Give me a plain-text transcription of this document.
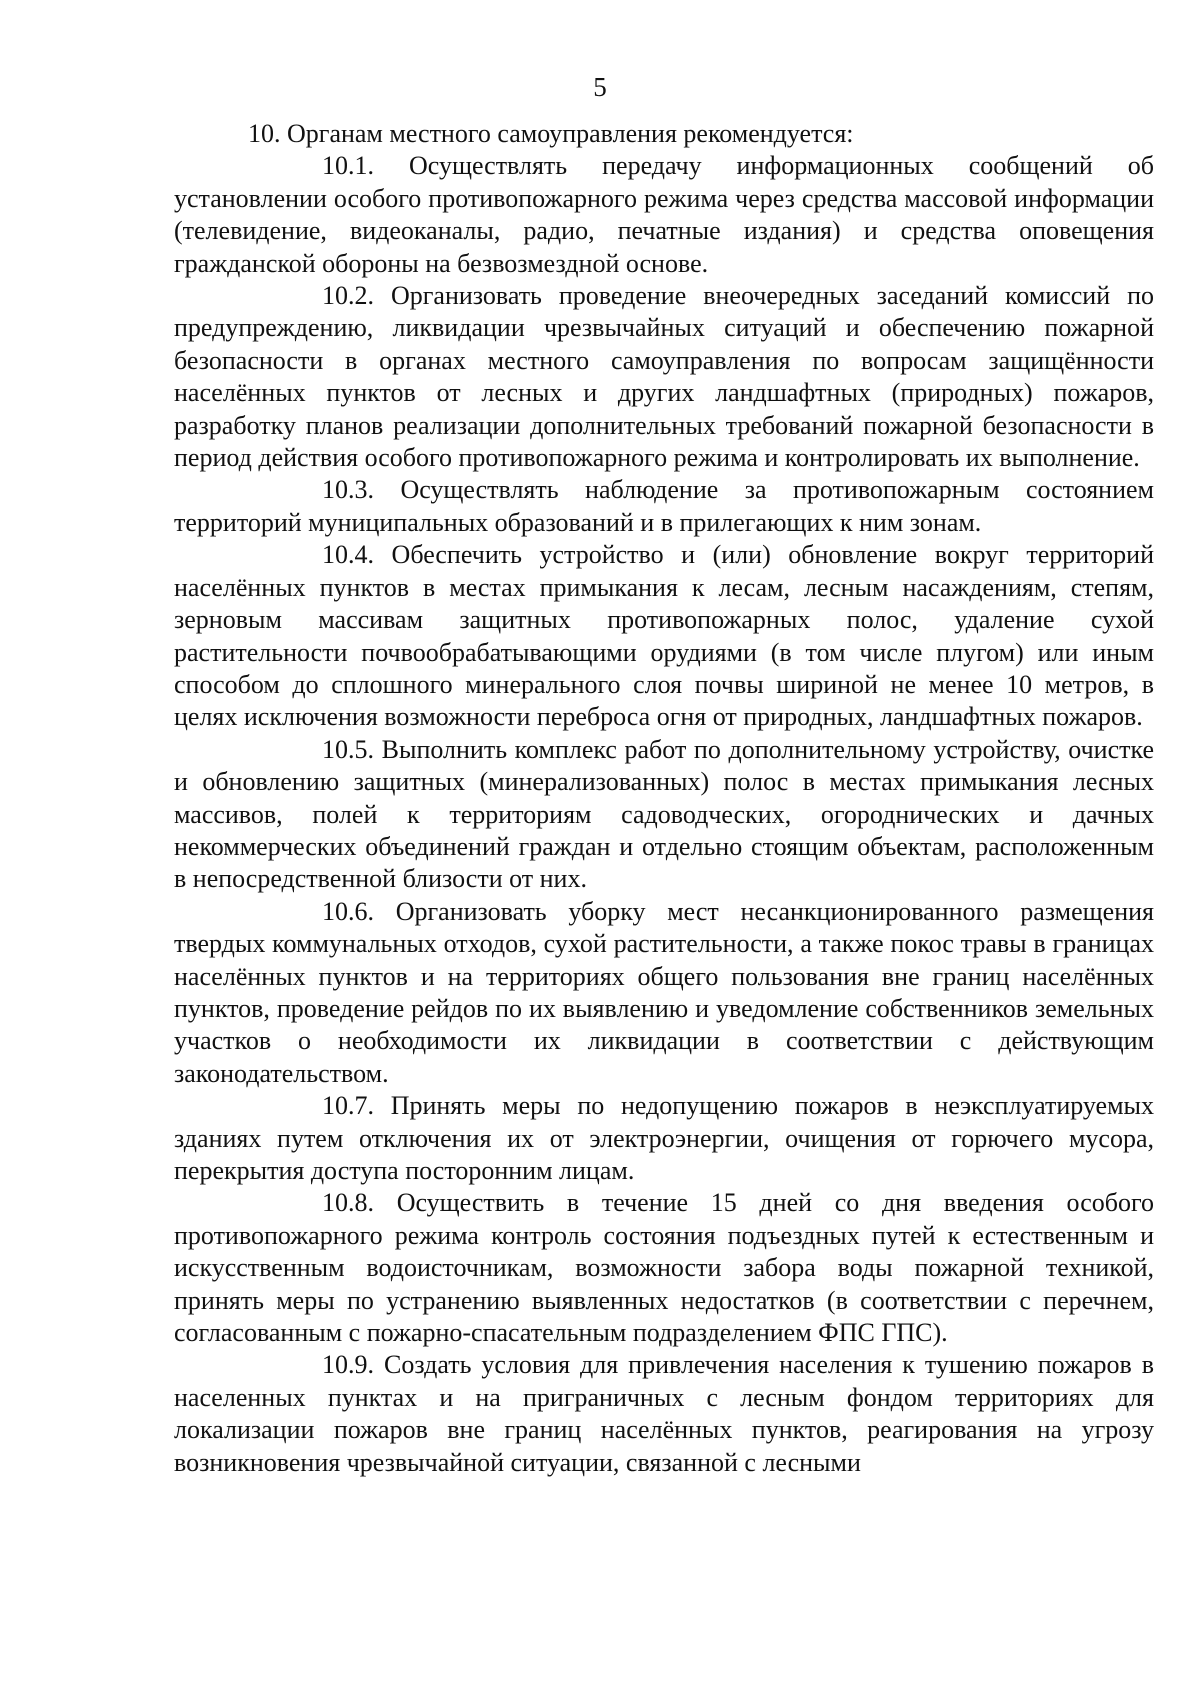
5

10. Органам местного самоуправления рекомендуется:

10.1. Осуществлять передачу информационных сообщений об установлении особого противопожарного режима через средства массовой информации (телевидение, видеоканалы, радио, печатные издания) и средства оповещения гражданской обороны на безвозмездной основе.

10.2. Организовать проведение внеочередных заседаний комиссий по предупреждению, ликвидации чрезвычайных ситуаций и обеспечению пожарной безопасности в органах местного самоуправления по вопросам защищённости населённых пунктов от лесных и других ландшафтных (природных) пожаров, разработку планов реализации дополнительных требований пожарной безопасности в период действия особого противопожарного режима и контролировать их выполнение.

10.3. Осуществлять наблюдение за противопожарным состоянием территорий муниципальных образований и в прилегающих к ним зонам.

10.4. Обеспечить устройство и (или) обновление вокруг территорий населённых пунктов в местах примыкания к лесам, лесным насаждениям, степям, зерновым массивам защитных противопожарных полос, удаление сухой растительности почвообрабатывающими орудиями (в том числе плугом) или иным способом до сплошного минерального слоя почвы шириной не менее 10 метров, в целях исключения возможности переброса огня от природных, ландшафтных пожаров.

10.5. Выполнить комплекс работ по дополнительному устройству, очистке и обновлению защитных (минерализованных) полос в местах примыкания лесных массивов, полей к территориям садоводческих, огороднических и дачных некоммерческих объединений граждан и отдельно стоящим объектам, расположенным в непосредственной близости от них.

10.6. Организовать уборку мест несанкционированного размещения твердых коммунальных отходов, сухой растительности, а также покос травы в границах населённых пунктов и на территориях общего пользования вне границ населённых пунктов, проведение рейдов по их выявлению и уведомление собственников земельных участков о необходимости их ликвидации в соответствии с действующим законодательством.

10.7. Принять меры по недопущению пожаров в неэксплуатируемых зданиях путем отключения их от электроэнергии, очищения от горючего мусора, перекрытия доступа посторонним лицам.

10.8. Осуществить в течение 15 дней со дня введения особого противопожарного режима контроль состояния подъездных путей к естественным и искусственным водоисточникам, возможности забора воды пожарной техникой, принять меры по устранению выявленных недостатков (в соответствии с перечнем, согласованным с пожарно-спасательным подразделением ФПС ГПС).

10.9. Создать условия для привлечения населения к тушению пожаров в населенных пунктах и на приграничных с лесным фондом территориях для локализации пожаров вне границ населённых пунктов, реагирования на угрозу возникновения чрезвычайной ситуации, связанной с лесными
